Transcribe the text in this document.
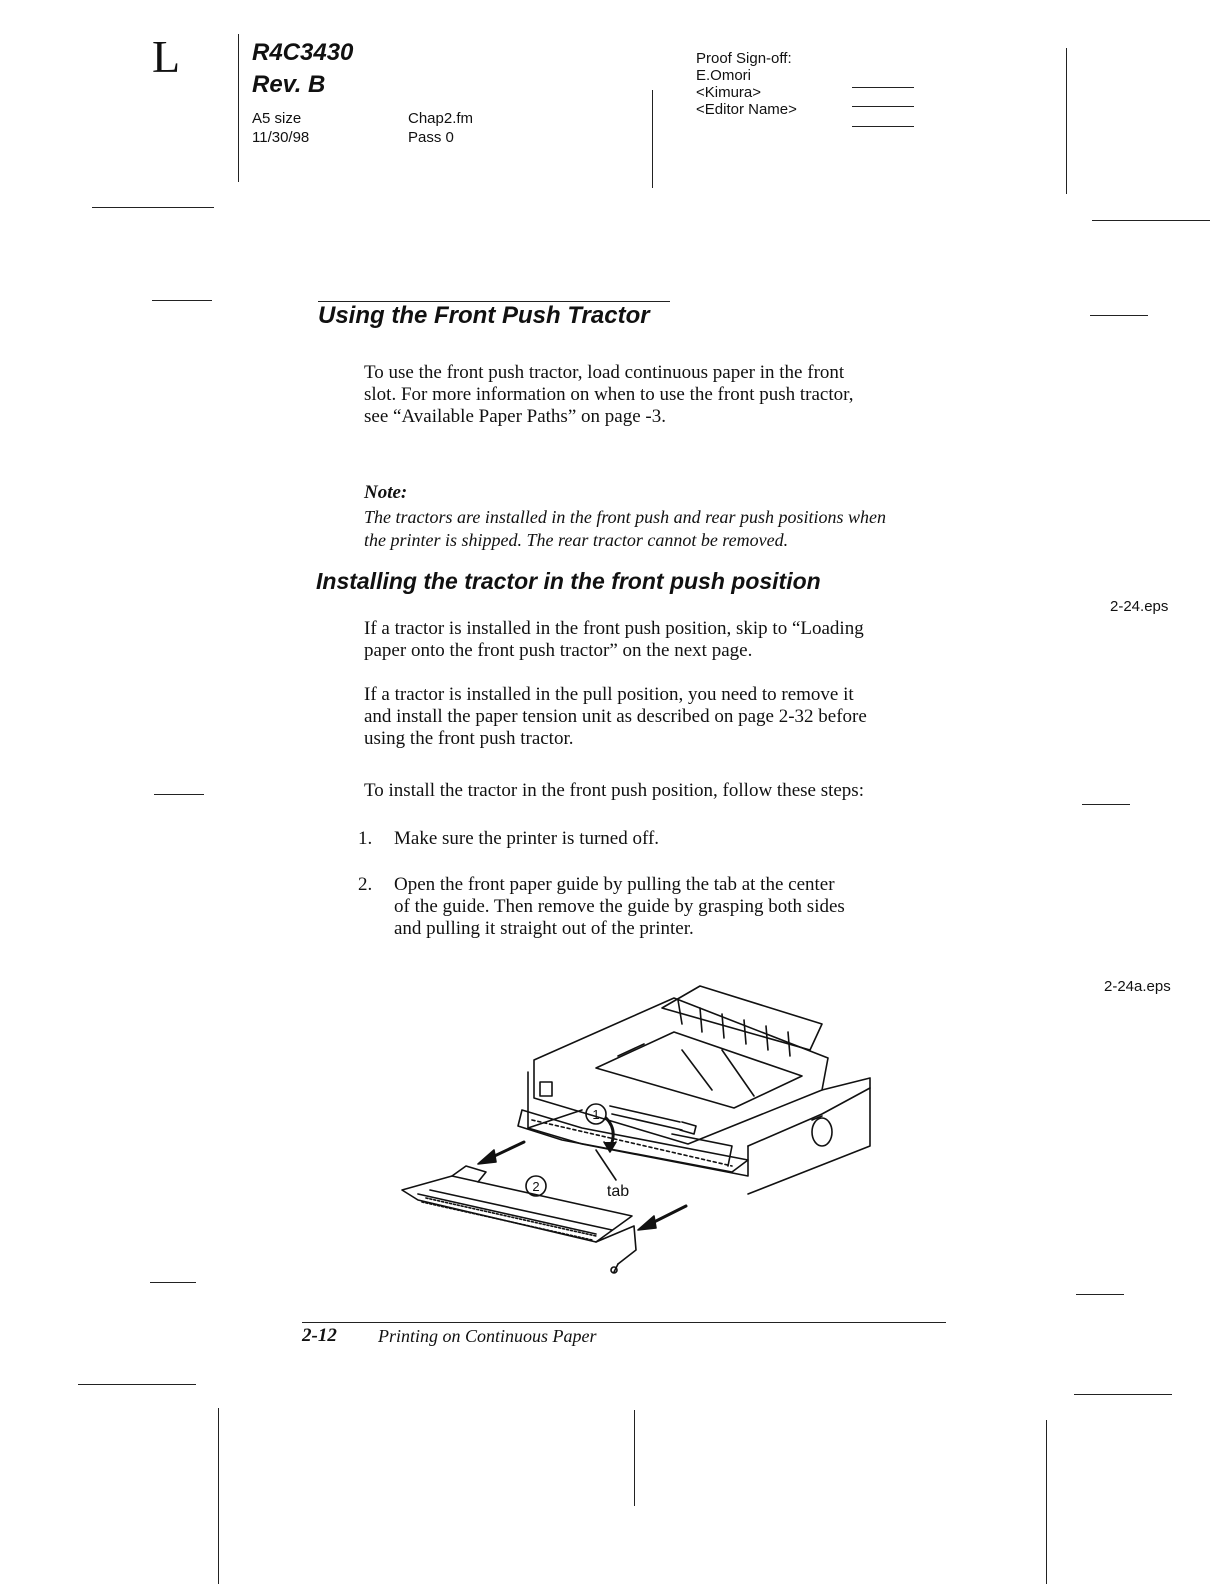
L	R4C3430
Rev. B
A5 size
11/30/98
Chap2.fm
Pass 0
Proof Sign-off:
E.Omori
<Kimura>
<Editor Name>
Using the Front Push Tractor
To use the front push tractor, load continuous paper in the front
slot. For more information on when to use the front push tractor,
see “Available Paper Paths” on page -3.
Note:
The tractors are installed in the front push and rear push positions when
the printer is shipped. The rear tractor cannot be removed.
Installing the tractor in the front push position
2-24.eps
If a tractor is installed in the front push position, skip to “Loading
paper onto the front push tractor” on the next page.
If a tractor is installed in the pull position, you need to remove it
and install the paper tension unit as described on page 2-32 before
using the front push tractor.
To install the tractor in the front push position, follow these steps:
1. Make sure the printer is turned off.
2. Open the front paper guide by pulling the tab at the center
of the guide. Then remove the guide by grasping both sides
and pulling it straight out of the printer.
2-24a.eps
1
2	tab
2-12 Printing on Continuous Paper
